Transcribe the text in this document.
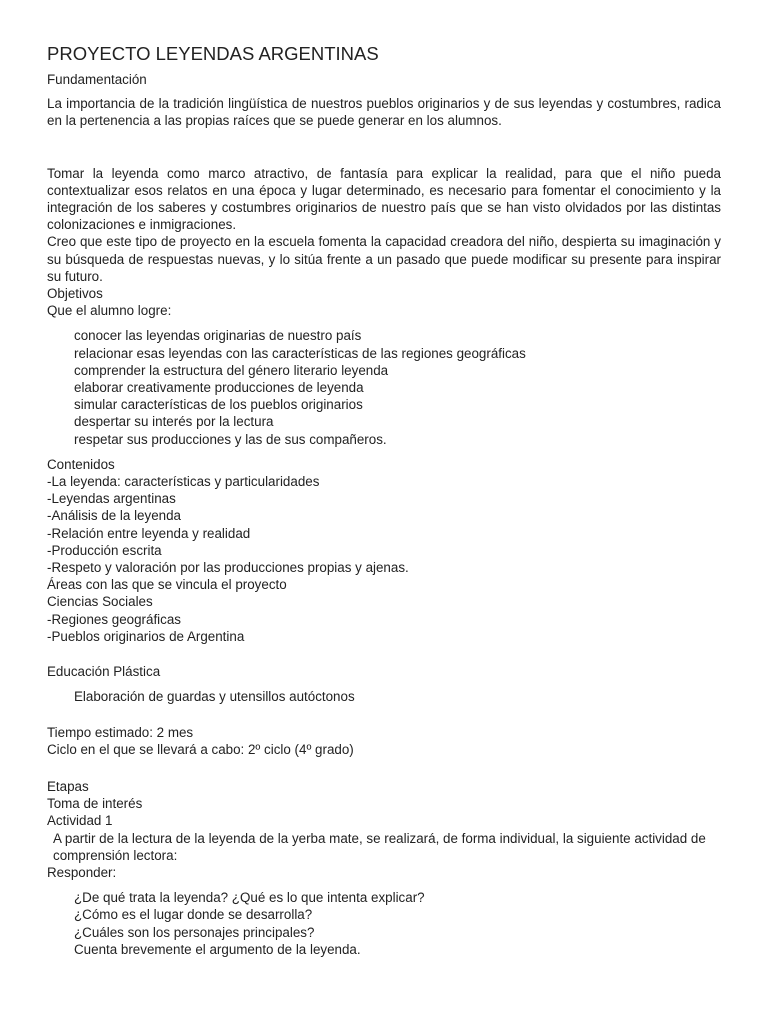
PROYECTO LEYENDAS ARGENTINAS
Fundamentación
La importancia de la tradición lingüística de nuestros pueblos originarios y de sus leyendas y costumbres, radica en la pertenencia a las propias raíces que se puede generar en los alumnos.
Tomar la leyenda como marco atractivo, de fantasía para explicar la realidad, para que el niño pueda contextualizar esos relatos en una época y lugar determinado, es necesario para fomentar el conocimiento y la integración de los saberes y costumbres originarios de nuestro país que se han visto olvidados por las distintas colonizaciones e inmigraciones.
Creo que este tipo de proyecto en la escuela fomenta la capacidad creadora del niño, despierta su imaginación y su búsqueda de respuestas nuevas, y lo sitúa frente a un pasado que puede modificar su presente para inspirar su futuro.
Objetivos
Que el alumno logre:
conocer las leyendas originarias de nuestro país
relacionar esas leyendas con las características de las regiones geográficas
comprender la estructura del género literario leyenda
elaborar creativamente producciones de leyenda
simular características de los pueblos originarios
despertar su interés por la lectura
respetar sus producciones y las de sus compañeros.
Contenidos
-La leyenda: características y particularidades
-Leyendas argentinas
-Análisis de la leyenda
-Relación entre leyenda y realidad
-Producción escrita
-Respeto y valoración por las producciones propias y ajenas.
Áreas con las que se vincula el proyecto
Ciencias Sociales
-Regiones geográficas
-Pueblos originarios de Argentina
Educación Plástica
Elaboración de guardas y utensillos autóctonos
Tiempo estimado: 2 mes
Ciclo en el que se llevará a cabo: 2º ciclo (4º grado)
Etapas
Toma de interés
Actividad 1
A partir de la lectura de la leyenda de la yerba mate, se realizará, de forma individual, la siguiente actividad de comprensión lectora:
Responder:
¿De qué trata la leyenda? ¿Qué es lo que intenta explicar?
¿Cómo es el lugar donde se desarrolla?
¿Cuáles son los personajes principales?
Cuenta brevemente el argumento de la leyenda.
